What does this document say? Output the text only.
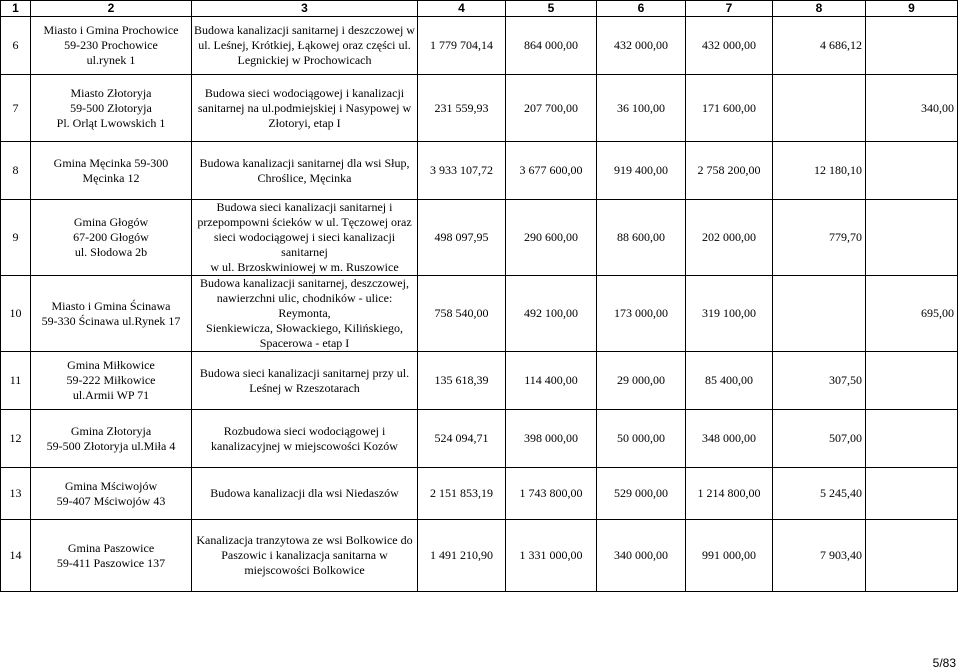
1	2	3	4	5	6	7	8	9
6	Miasto i Gmina Prochowice
59-230 Prochowice
ul.rynek 1	Budowa kanalizacji sanitarnej i deszczowej w
ul. Leśnej, Krótkiej, Łąkowej oraz części ul.
Legnickiej w Prochowicach	1 779 704,14	864 000,00	432 000,00	432 000,00	4 686,12	
7	Miasto Złotoryja
59-500 Złotoryja
Pl. Orląt Lwowskich 1	Budowa sieci wodociągowej i kanalizacji
sanitarnej na ul.podmiejskiej i Nasypowej w
Złotoryi, etap I	231 559,93	207 700,00	36 100,00	171 600,00		340,00
8	Gmina Męcinka 59-300
Męcinka 12	Budowa kanalizacji sanitarnej dla wsi Słup,
Chroślice, Męcinka	3 933 107,72	3 677 600,00	919 400,00	2 758 200,00	12 180,10	
9	Gmina Głogów
67-200 Głogów
ul. Słodowa 2b	Budowa sieci kanalizacji sanitarnej i
przepompowni ścieków w ul. Tęczowej oraz
sieci wodociągowej i sieci kanalizacji sanitarnej
w ul. Brzoskwiniowej w m. Ruszowice	498 097,95	290 600,00	88 600,00	202 000,00	779,70	
10	Miasto i Gmina Ścinawa
59-330 Ścinawa ul.Rynek 17	Budowa kanalizacji sanitarnej, deszczowej,
nawierzchni ulic, chodników - ulice: Reymonta,
Sienkiewicza, Słowackiego, Kilińskiego,
Spacerowa - etap I	758 540,00	492 100,00	173 000,00	319 100,00		695,00
11	Gmina Miłkowice
59-222 Miłkowice
ul.Armii WP 71	Budowa sieci kanalizacji sanitarnej przy ul.
Leśnej w Rzeszotarach	135 618,39	114 400,00	29 000,00	85 400,00	307,50	
12	Gmina Złotoryja
59-500 Złotoryja ul.Miła 4	Rozbudowa sieci wodociągowej i
kanalizacyjnej w miejscowości Kozów	524 094,71	398 000,00	50 000,00	348 000,00	507,00	
13	Gmina Mściwojów
59-407 Mściwojów 43	Budowa kanalizacji dla wsi Niedaszów	2 151 853,19	1 743 800,00	529 000,00	1 214 800,00	5 245,40	
14	Gmina Paszowice
59-411 Paszowice 137	Kanalizacja tranzytowa ze wsi Bolkowice do
Paszowic i kanalizacja sanitarna w
miejscowości Bolkowice	1 491 210,90	1 331 000,00	340 000,00	991 000,00	7 903,40	
5/83
